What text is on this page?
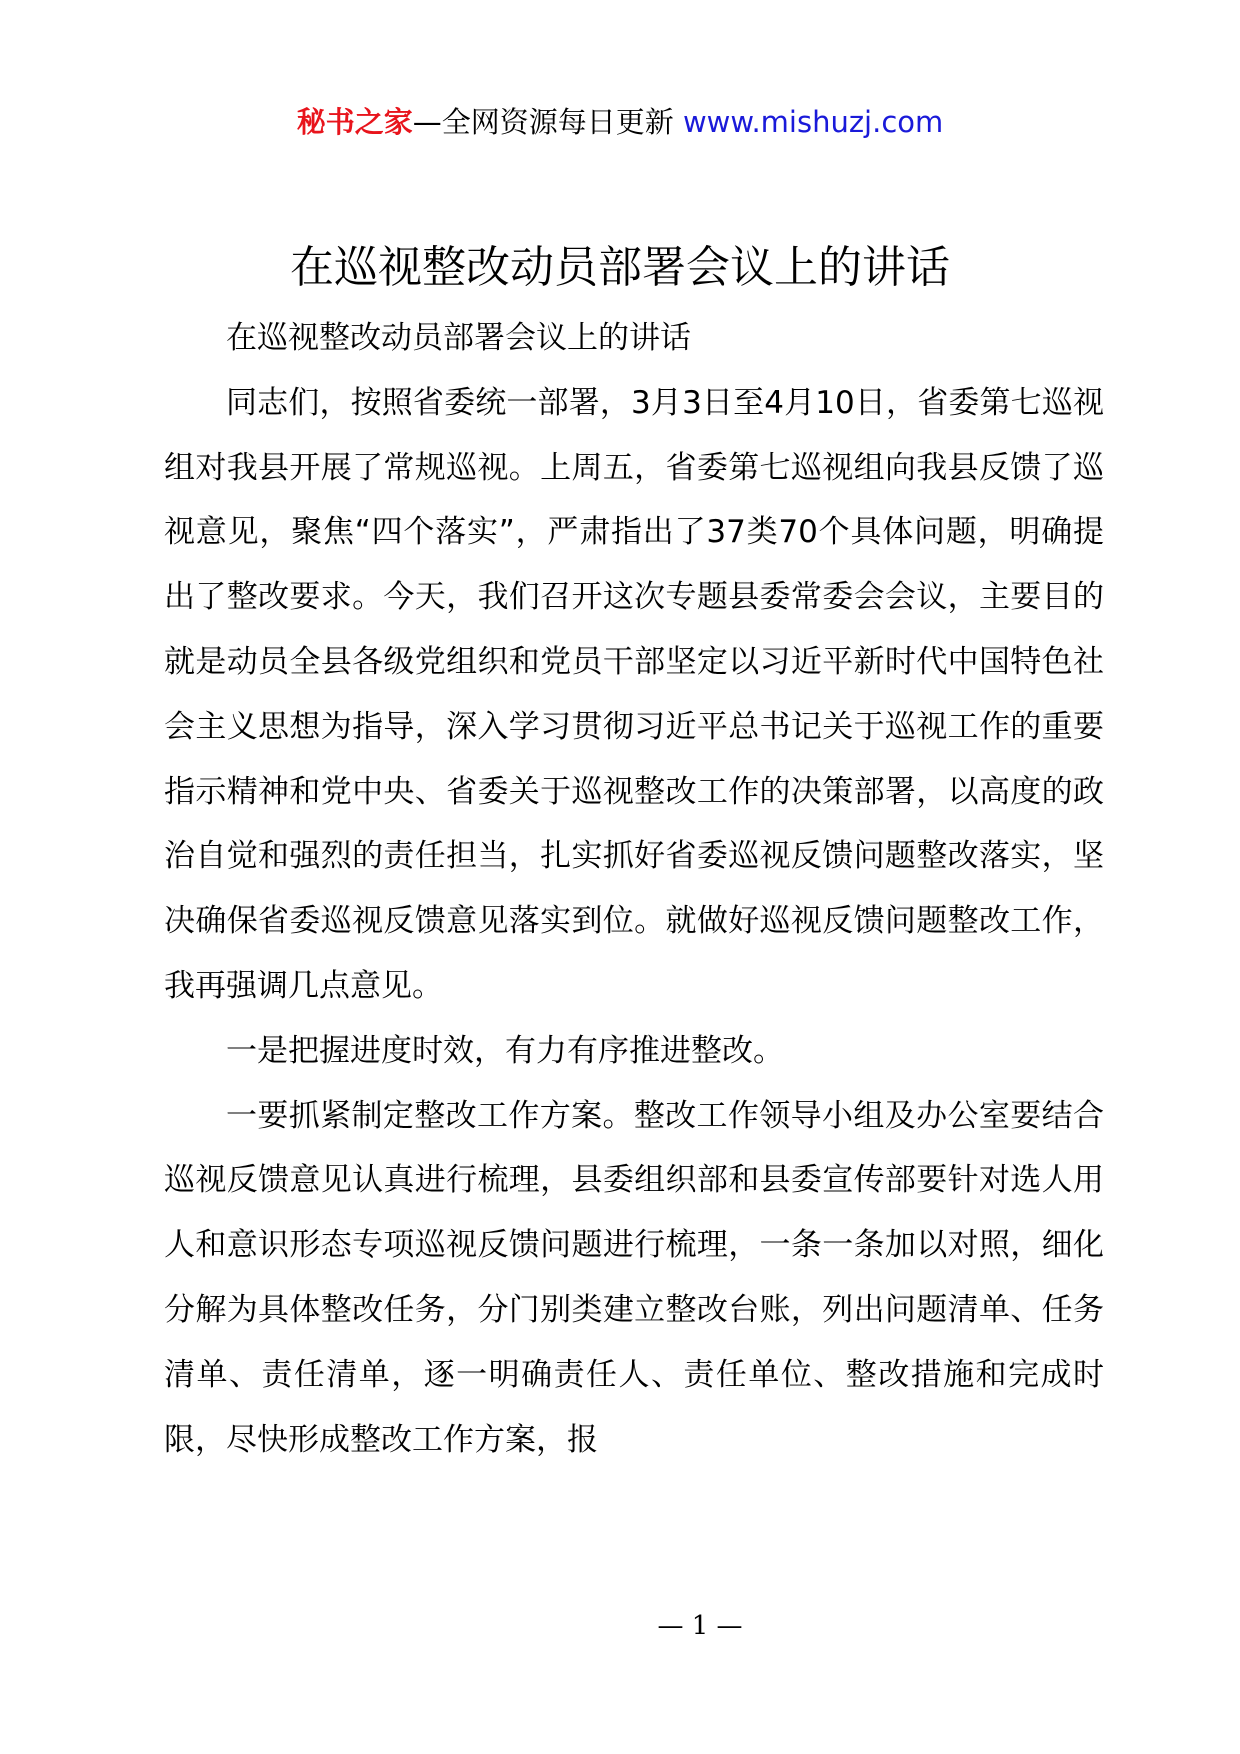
秘书之家—全网资源每日更新 www.mishuzj.com
在巡视整改动员部署会议上的讲话

在巡视整改动员部署会议上的讲话

同志们，按照省委统一部署，3月3日至4月10日，省委第七巡视组对我县开展了常规巡视。上周五，省委第七巡视组向我县反馈了巡视意见，聚焦“四个落实”，严肃指出了37类70个具体问题，明确提出了整改要求。今天，我们召开这次专题县委常委会会议，主要目的就是动员全县各级党组织和党员干部坚定以习近平新时代中国特色社会主义思想为指导，深入学习贯彻习近平总书记关于巡视工作的重要指示精神和党中央、省委关于巡视整改工作的决策部署，以高度的政治自觉和强烈的责任担当，扎实抓好省委巡视反馈问题整改落实，坚决确保省委巡视反馈意见落实到位。就做好巡视反馈问题整改工作，我再强调几点意见。

一是把握进度时效，有力有序推进整改。

一要抓紧制定整改工作方案。整改工作领导小组及办公室要结合巡视反馈意见认真进行梳理，县委组织部和县委宣传部要针对选人用人和意识形态专项巡视反馈问题进行梳理，一条一条加以对照，细化分解为具体整改任务，分门别类建立整改台账，列出问题清单、任务清单、责任清单，逐一明确责任人、责任单位、整改措施和完成时限，尽快形成整改工作方案，报

— 1 —
